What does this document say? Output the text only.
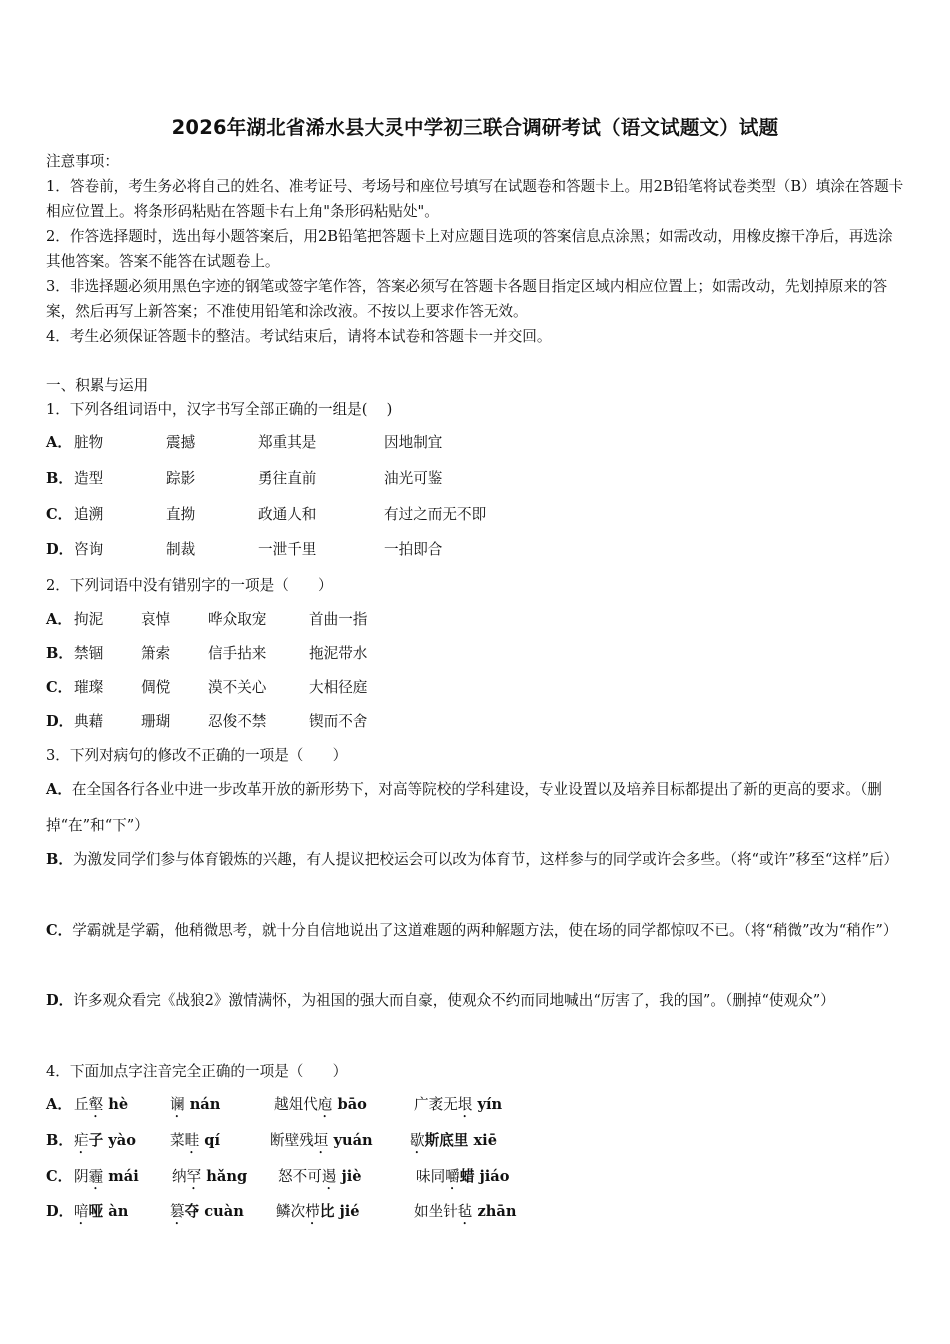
2026年湖北省浠水县大灵中学初三联合调研考试（语文试题文）试题
注意事项：
1．答卷前，考生务必将自己的姓名、准考证号、考场号和座位号填写在试题卷和答题卡上。用2B铅笔将试卷类型（B）填涂在答题卡相应位置上。将条形码粘贴在答题卡右上角"条形码粘贴处"。
2．作答选择题时，选出每小题答案后，用2B铅笔把答题卡上对应题目选项的答案信息点涂黑；如需改动，用橡皮擦干净后，再选涂其他答案。答案不能答在试题卷上。
3．非选择题必须用黑色字迹的钢笔或签字笔作答，答案必须写在答题卡各题目指定区域内相应位置上；如需改动，先划掉原来的答案，然后再写上新答案；不准使用铅笔和涂改液。不按以上要求作答无效。
4．考生必须保证答题卡的整洁。考试结束后，请将本试卷和答题卡一并交回。
一、积累与运用
1．下列各组词语中，汉字书写全部正确的一组是(　 )
A． 脏物	震撼	郑重其是	因地制宜
B． 造型	踪影	勇往直前	油光可鉴
C． 追溯	直拗	政通人和	有过之而无不即
D． 咨询	制裁	一泄千里	一拍即合
2．下列词语中没有错别字的一项是（　　）
A． 拘泥	哀悼	哗众取宠	首曲一指
B． 禁锢	箫索	信手拈来	拖泥带水
C． 璀璨	倜傥	漠不关心	大相径庭
D． 典藉	珊瑚	忍俊不禁	锲而不舍
3．下列对病句的修改不正确的一项是（　　）
A．在全国各行各业中进一步改革开放的新形势下，对高等院校的学科建设，专业设置以及培养目标都提出了新的更高的要求。（删掉“在”和“下”）
B．为激发同学们参与体育锻炼的兴趣，有人提议把校运会可以改为体育节，这样参与的同学或许会多些。（将“或许”移至“这样”后）
C．学霸就是学霸，他稍微思考，就十分自信地说出了这道难题的两种解题方法，使在场的同学都惊叹不已。（将“稍微”改为“稍作”）
D．许多观众看完《战狼2》激情满怀，为祖国的强大而自豪，使观众不约而同地喊出“厉害了，我的国”。（删掉“使观众”）
4．下面加点字注音完全正确的一项是（　　）
A． 丘壑 hè	谰 nán	越俎代庖 bāo	广袤无垠 yín
B． 疟子 yào 菜畦 qí	断壁残垣 yuán	歇斯底里 xiē
C． 阴霾 mái 纳罕 hǎng 怒不可遏 jiè	味同嚼蜡 jiáo
D． 喑哑 àn	篡夺 cuàn 鳞次栉比 jié	如坐针毡 zhān
